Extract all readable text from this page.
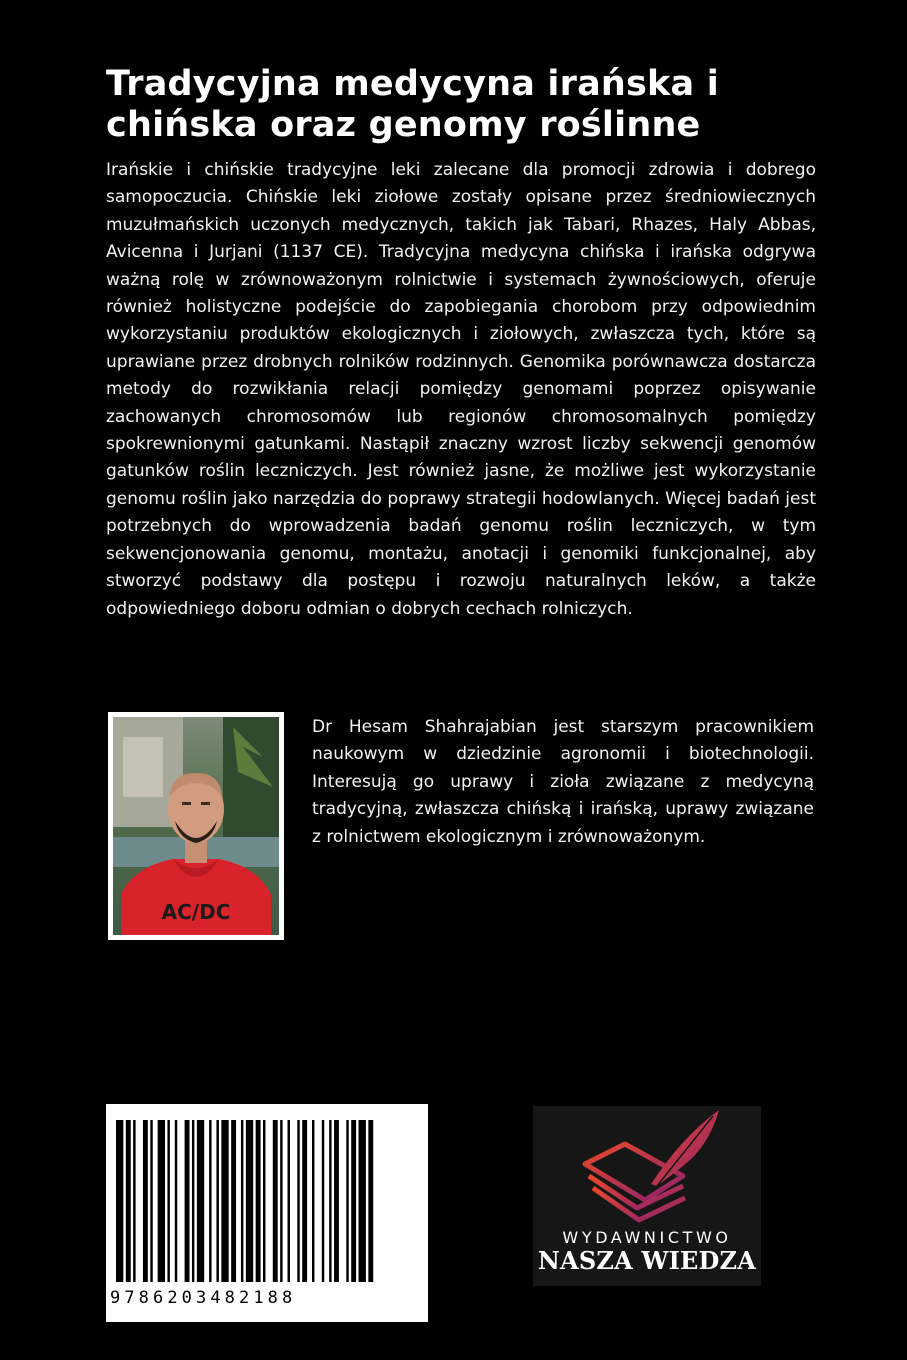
Tradycyjna medycyna irańska i
chińska oraz genomy roślinne

Irańskie i chińskie tradycyjne leki zalecane dla promocji zdrowia i dobrego samopoczucia. Chińskie leki ziołowe zostały opisane przez średniowiecznych muzułmańskich uczonych medycznych, takich jak Tabari, Rhazes, Haly Abbas, Avicenna i Jurjani (1137 CE). Tradycyjna medycyna chińska i irańska odgrywa ważną rolę w zrównoważonym rolnictwie i systemach żywnościowych, oferuje również holistyczne podejście do zapobiegania chorobom przy odpowiednim wykorzystaniu produktów ekologicznych i ziołowych, zwłaszcza tych, które są uprawiane przez drobnych rolników rodzinnych. Genomika porównawcza dostarcza metody do rozwikłania relacji pomiędzy genomami poprzez opisywanie zachowanych chromosomów lub regionów chromosomalnych pomiędzy spokrewnionymi gatunkami. Nastąpił znaczny wzrost liczby sekwencji genomów gatunków roślin leczniczych. Jest również jasne, że możliwe jest wykorzystanie genomu roślin jako narzędzia do poprawy strategii hodowlanych. Więcej badań jest potrzebnych do wprowadzenia badań genomu roślin leczniczych, w tym sekwencjonowania genomu, montażu, anotacji i genomiki funkcjonalnej, aby stworzyć podstawy dla postępu i rozwoju naturalnych leków, a także odpowiedniego doboru odmian o dobrych cechach rolniczych.

AC/DC

Dr Hesam Shahrajabian jest starszym pracownikiem naukowym w dziedzinie agronomii i biotechnologii. Interesują go uprawy i zioła związane z medycyną tradycyjną, zwłaszcza chińską i irańską, uprawy związane z rolnictwem ekologicznym i zrównoważonym.

9786203482188
WYDAWNICTWO
NASZA WIEDZA
